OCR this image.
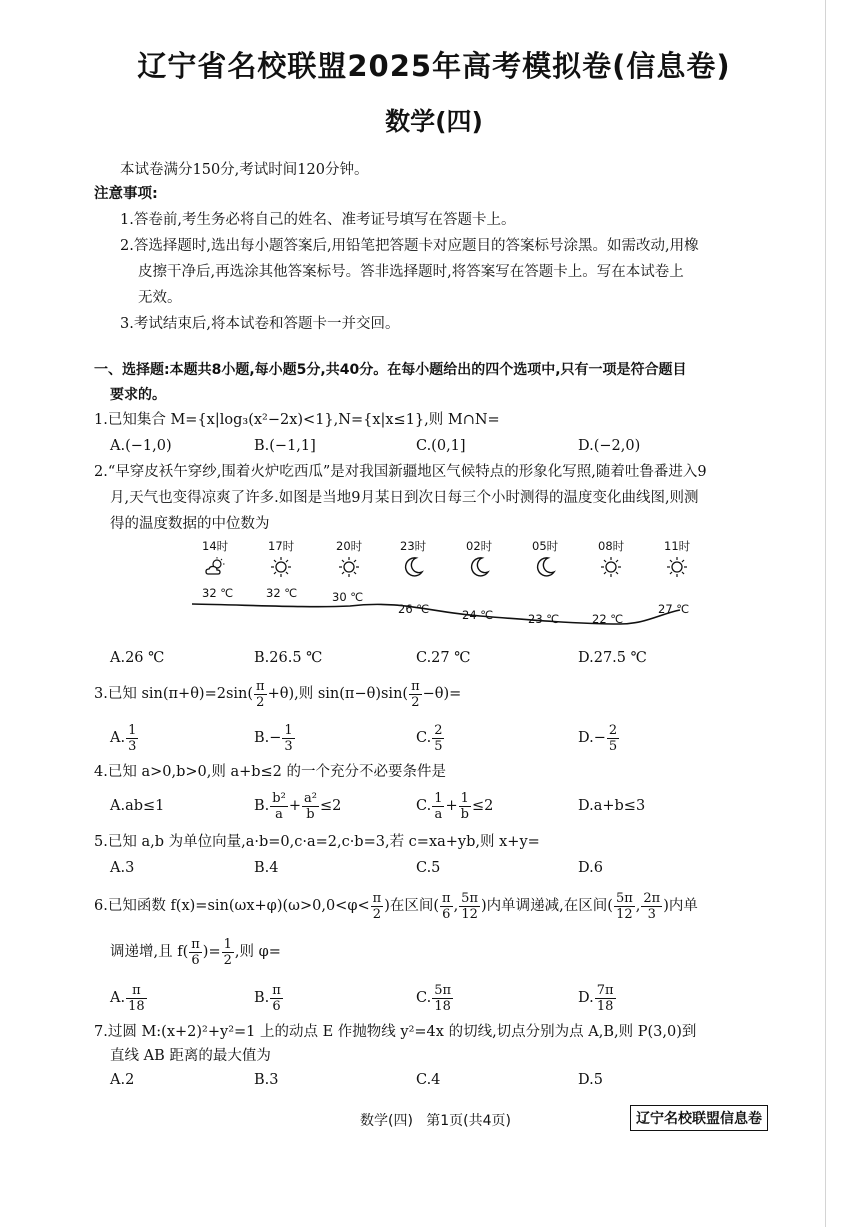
辽宁省名校联盟2025年高考模拟卷(信息卷)
数学(四)
本试卷满分150分,考试时间120分钟。
注意事项:
1.答卷前,考生务必将自己的姓名、准考证号填写在答题卡上。
2.答选择题时,选出每小题答案后,用铅笔把答题卡对应题目的答案标号涂黑。如需改动,用橡
皮擦干净后,再选涂其他答案标号。答非选择题时,将答案写在答题卡上。写在本试卷上
无效。
3.考试结束后,将本试卷和答题卡一并交回。
一、选择题:本题共8小题,每小题5分,共40分。在每小题给出的四个选项中,只有一项是符合题目
要求的。
1.已知集合 M={x|log₃(x²−2x)<1},N={x|x≤1},则 M∩N=
A.(−1,0)	B.(−1,1]	C.(0,1]	D.(−2,0)
2.“早穿皮袄午穿纱,围着火炉吃西瓜”是对我国新疆地区气候特点的形象化写照,随着吐鲁番进入9
月,天气也变得凉爽了许多.如图是当地9月某日到次日每三个小时测得的温度变化曲线图,则测
得的温度数据的中位数为
14时
32 ℃
17时
32 ℃
20时
30 ℃
23时
26 ℃
02时
24 ℃
05时
23 ℃
08时
22 ℃
11时
27 ℃
A.26 ℃	B.26.5 ℃	C.27 ℃	D.27.5 ℃
3.已知 $\sin(\pi+\theta)=2\sin( \frac{\pi}{2} +\theta)$,则 $\sin(\pi-\theta)\sin( \frac{\pi}{2} -\theta)=$
A. $\frac{1}{3}$	$B.- \frac{1}{3}$	C. $\frac{2}{5}$	$D.- \frac{2}{5}$
4.已知 a>0,b>0,则 a+b≤2 的一个充分不必要条件是
A.ab≤1	B. $\frac{\text{b²}}{a} + \frac{\text{a²}}{b} \le 2$	C. $\frac{1}{a} + \frac{1}{b} \le 2$	D.a+b≤3
5.已知 a,b 为单位向量,a·b=0,c·a=2,c·b=3,若 c=xa+yb,则 x+y=
A.3	B.4	C.5	D.6
6.已知函数 $f(x)=\sin(\omega x+\varphi)(\omega>0,0<\varphi< \frac{\pi}{2}$ )在区间( $\frac{\pi}{6}$ , $\frac{5\pi}{12}$ )内单调递减,在区间( $\frac{5\pi}{12}$ , $\frac{2\pi}{3}$ )内单
调递增,且 $f( \frac{\pi}{6}$ )= $\frac{1}{2}$ ,则 φ=
A. $\frac{\pi}{18}$	B. $\frac{\pi}{6}$	C. $\frac{5\pi}{18}$	D. $\frac{7\pi}{18}$
7.过圆 M:(x+2)²+y²=1 上的动点 E 作抛物线 y²=4x 的切线,切点分别为点 A,B,则 P(3,0)到
直线 AB 距离的最大值为
A.2	B.3	C.4	D.5
数学(四)   第1页(共4页)	辽宁名校联盟信息卷
